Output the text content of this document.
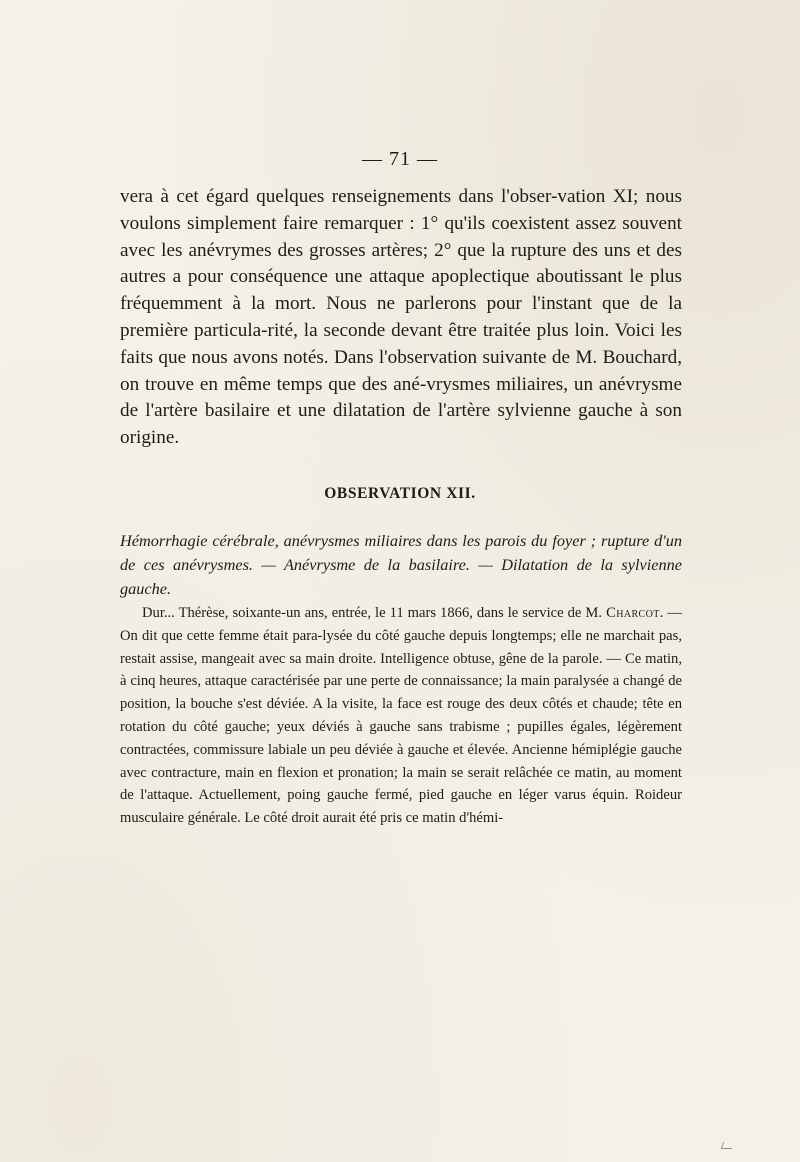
— 71 —

vera à cet égard quelques renseignements dans l'obser-vation XI; nous voulons simplement faire remarquer : 1° qu'ils coexistent assez souvent avec les anévrymes des grosses artères; 2° que la rupture des uns et des autres a pour conséquence une attaque apoplectique aboutissant le plus fréquemment à la mort. Nous ne parlerons pour l'instant que de la première particula-rité, la seconde devant être traitée plus loin. Voici les faits que nous avons notés. Dans l'observation suivante de M. Bouchard, on trouve en même temps que des ané-vrysmes miliaires, un anévrysme de l'artère basilaire et une dilatation de l'artère sylvienne gauche à son origine.

OBSERVATION XII.

Hémorrhagie cérébrale, anévrysmes miliaires dans les parois du foyer ; rupture d'un de ces anévrysmes. — Anévrysme de la basilaire. — Dilatation de la sylvienne gauche.

Dur... Thérèse, soixante-un ans, entrée, le 11 mars 1866, dans le service de M. Charcot. — On dit que cette femme était para-lysée du côté gauche depuis longtemps; elle ne marchait pas, restait assise, mangeait avec sa main droite. Intelligence obtuse, gêne de la parole. — Ce matin, à cinq heures, attaque caractérisée par une perte de connaissance; la main paralysée a changé de position, la bouche s'est déviée. A la visite, la face est rouge des deux côtés et chaude; tête en rotation du côté gauche; yeux déviés à gauche sans trabisme ; pupilles égales, légèrement contractées, commissure labiale un peu déviée à gauche et élevée. Ancienne hémiplégie gauche avec contracture, main en flexion et pronation; la main se serait relâchée ce matin, au moment de l'attaque. Actuellement, poing gauche fermé, pied gauche en léger varus équin. Roideur musculaire générale. Le côté droit aurait été pris ce matin d'hémi-
